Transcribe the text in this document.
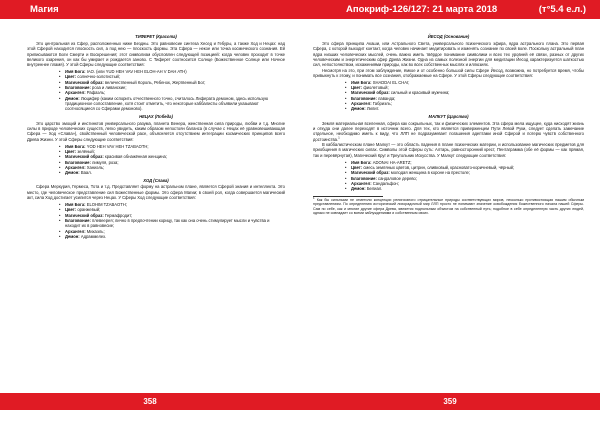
Магия
ТИФЕРЕТ (Красота)

Это центральная из Сфер, расположенных ниже Бездны. Это равновесие синтеза Хесед и Гебуры, а также Ход и Нецах: над этой Сферой находится плоскость сил, а под нею — плоскость формы. Эта Сфера — некое или точка космического сознания. Ей приписываются Боги Смерти и Воскрешения; этот символизм обусловлен следующей позицией: когда человек проходит в точке великого озарения, он как бы умирает и рождается заново. С Тиферет соотносится Солнце (Божественное Солнце или Ночное внутреннее пламя). У этой Сферы следующие соответствия:

• Имя Бога: IAO. (или YUD HEH VAV HEH ELOH-AH V DAH ATH)
• Цвет: солнечно-золотистый;
• Магический образ: величественный Король, Ребенок, Жертвенный Бог;
• Благовоние: роза и ливанские;
• Архангел: Рафаэль;
• Демон: Люцифер (каким оспорить отчественного точно, считалось Лиферата демоном, здесь использую традиционное сопоставление, хотя стоит отметить, что некоторые каббалисты объявили указывают соотносящиеся со Сферами демоново).
НЕЦАХ (Победа)

Это царство эмоций и инстинктов универсального разума, планета Венера, женственная сила природы, любви и т.д. Многие силы в природе человеческих существ, легко увидеть, каким образом непостоян баланса (в случае с Нецах её уравновешивающая Сфера — Ход «Слава»), свойственный человеческой расе, объясняется отсутствием интеграции космических принципов всего Древа Жизни. У этой Сферы следующие соответствия:

• Имя Бога: YOD HEH VAV HEH TZABAOTH;
• Цвет: зелёный;
• Магический образ: красивая обнажённая женщина;
• Благовоние: лимуля, роза;
• Архангел: Ханиэль;
• Демон: Ваал.
ХОД (Слава)

Сфера Меркурия, Гермеса, Тота и т.д. Представляет форму на астральном плане, является Сферой знания и интеллекта. Это место, где человеческое представление сил Божественные формы. Это сфера Магии; в своей рол, когда совершается магический акт, сила Ход достигает усилится через Нецах. У Сферы Ход следующие соответствия:

• Имя Бога: ELOHIM TZABAOTH;
• Цвет: оранжевый;
• Магический образ: Гермафродит;
• Благовоние: плевеерея; лично в предпочтении корицу, так как она очень стимулирует мысли и чувства и находит их в равновесие;
• Архангел: Михаэль;
• Демон: Адраммелех.
358
Апокриф-126/127: 21 марта 2018	(т°5.4 е.л.)
ЙЕСОД (Основание)

Это сфера принципа Акаши, или Астрального Света, универсального психического эфира, ядра астрального плана. Это первая Сфера, с которой выходит контакт, когда человек начинает медитировать и изменять сознание по своей воле. Поскольку астральный план ядра низших человеческих мыслей, очень важно иметь твёрдое понимание символики и всех тех уровней её связи, разных от других человеческим и энергетическим сфер Древа Жизни. Одна из самых полезной энергии для медитации Йесод характеризуется шаткостью сил, непостоянством, искажениями природы, как во всех собственных мыслях и иллюзиях.

Несмотря на это, при этом заблуждение, ёмкое и от особенно большой силы Сфере Йесод, возможна, но потребуется время, чтобы привыкнуть к этому, и понимать все сознания, отображаемые на Сфере. У этой Сферы следующие соответствия:

• Имя Бога: SHADDAI EL CHAI;
• Цвет: фиолетовый;
• Магический образ: сильный и красивый мужчина;
• Благовоние: лаванда;
• Архангел: Габриэль;
• Демон: Лилит.
МАЛКУТ (Царство)

Земля материальная вселенная, сфера как сокрыльных, так и физических элементов. Эта сфера мела ищущее, куда нисходят жизнь и откуда они далее переходят в источник всего. Для тех, кто является приверженцем Пути Левой Руки, следует сделать замечание отдельное, необходимо иметь к виду, что ЛЛП не подразумевает погашения адептами иной Сферой и потерю чувств собственного достоинства.$^1$

В каббалистическом плане Малкут — это область падения в плане психических материи, и использование магических предметов для приобщения в магических силах. Символы этой Сферы суть: Алтарь, равносторонний крест, Пентаграмма (обе её формы — как прямая, так и перевёрнутая), Магический Круг и Треугольник Искусства. У Малкут следующие соответствия:

• Имя Бога: ADONAI HA-ARETZ;
• Цвет: смесь земляных цветов, цитрин, оливковый, красновато-коричневый, чёрный;
• Магический образ: молодая женщина в короне на престоле;
• Благовоние: сандаловое дерево;
• Архангел: Сандальфон;
• Демон: Белиал.
$^1$ Как бы сильными не отметили концепции религиозного отрицательные природы соответствующих миров, несколько противостоящая нашим обычным представлениям. По определению исторический лихорадочный мир ЛЛП просто не понимают значение освобождения божественного начала нашей Сферы. Сам по себе, как и многие другие сфера Древа, является подпольным объектом на собственный путь; подобное в себе определенную часть других людей, однако не совпадает со всеми заблуждениями и собственным своих.
359
